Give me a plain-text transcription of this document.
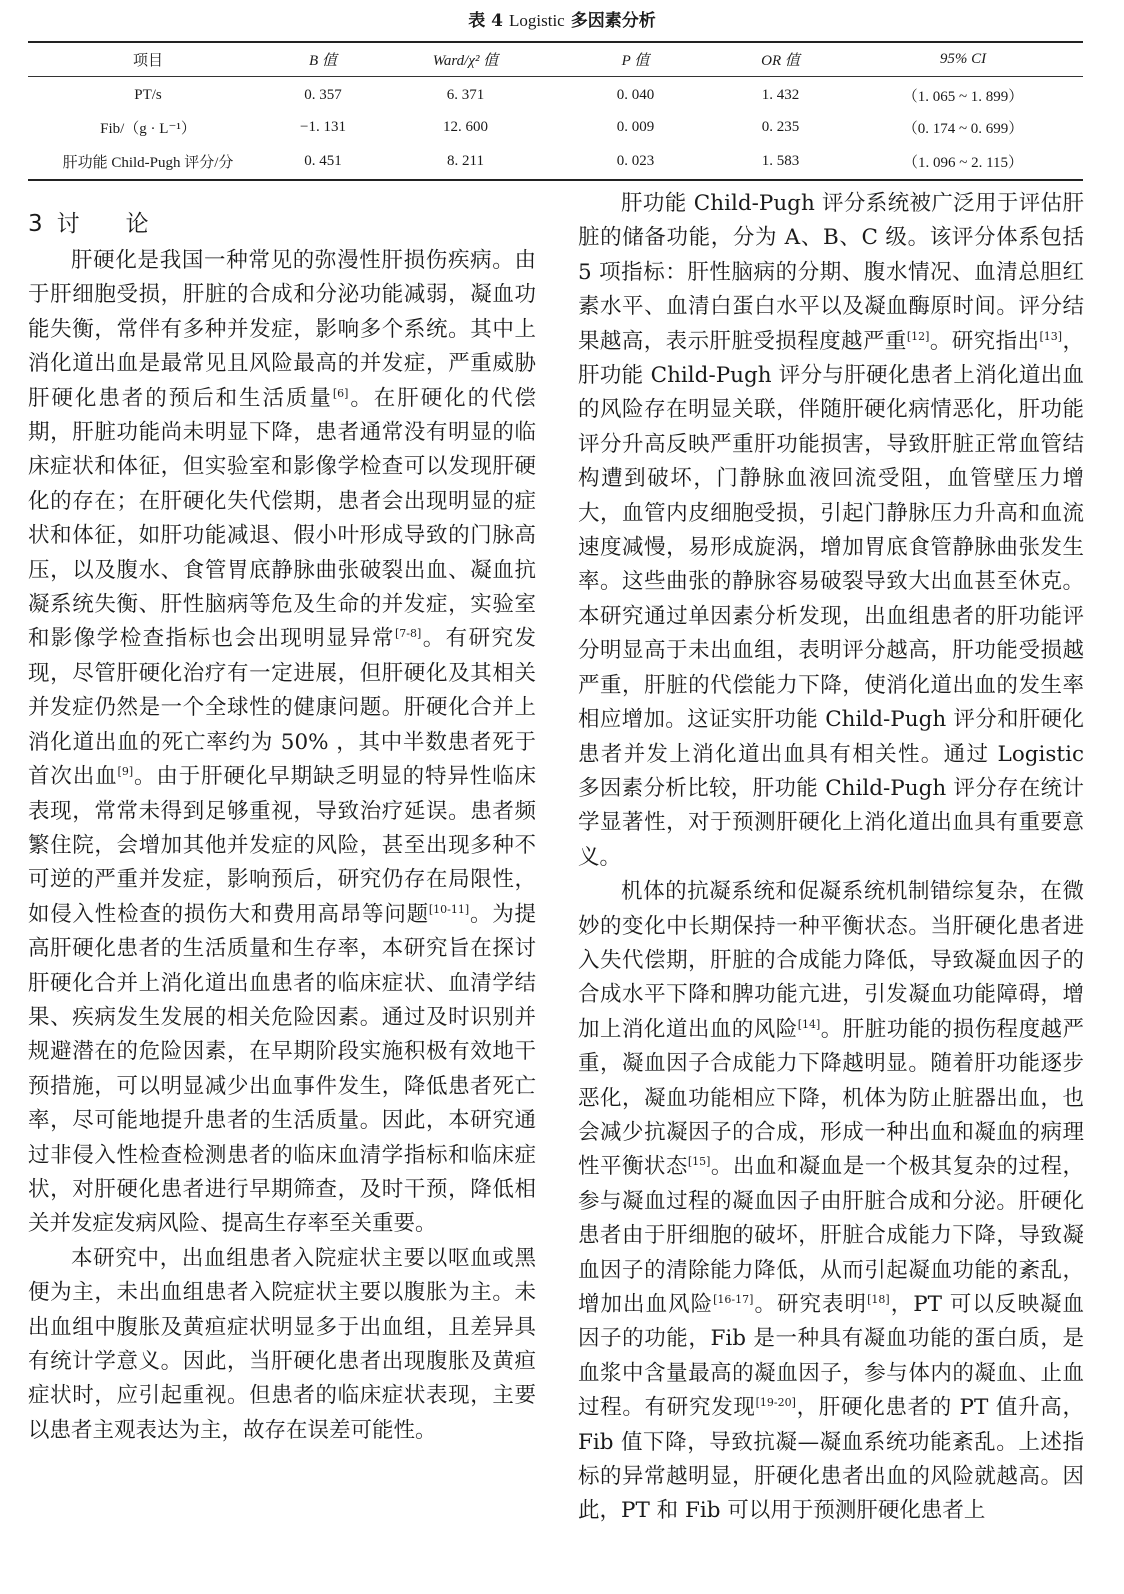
表 4 Logistic 多因素分析
项目	B 值	Ward/χ² 值	P 值	OR 值	95% CI
PT/s	0. 357	6. 371	0. 040	1. 432	（1. 065 ~ 1. 899）
Fib/（g · L⁻¹）	−1. 131	12. 600	0. 009	0. 235	（0. 174 ~ 0. 699）
肝功能 Child-Pugh 评分/分	0. 451	8. 211	0. 023	1. 583	（1. 096 ~ 2. 115）
3 讨 论

肝硬化是我国一种常见的弥漫性肝损伤疾病。由于肝细胞受损，肝脏的合成和分泌功能减弱，凝血功能失衡，常伴有多种并发症，影响多个系统。其中上消化道出血是最常见且风险最高的并发症，严重威胁肝硬化患者的预后和生活质量[6]。在肝硬化的代偿期，肝脏功能尚未明显下降，患者通常没有明显的临床症状和体征，但实验室和影像学检查可以发现肝硬化的存在；在肝硬化失代偿期，患者会出现明显的症状和体征，如肝功能减退、假小叶形成导致的门脉高压，以及腹水、食管胃底静脉曲张破裂出血、凝血抗凝系统失衡、肝性脑病等危及生命的并发症，实验室和影像学检查指标也会出现明显异常[7-8]。有研究发现，尽管肝硬化治疗有一定进展，但肝硬化及其相关并发症仍然是一个全球性的健康问题。肝硬化合并上消化道出血的死亡率约为 50% ，其中半数患者死于首次出血[9]。由于肝硬化早期缺乏明显的特异性临床表现，常常未得到足够重视，导致治疗延误。患者频繁住院，会增加其他并发症的风险，甚至出现多种不可逆的严重并发症，影响预后，研究仍存在局限性，如侵入性检查的损伤大和费用高昂等问题[10-11]。为提高肝硬化患者的生活质量和生存率，本研究旨在探讨肝硬化合并上消化道出血患者的临床症状、血清学结果、疾病发生发展的相关危险因素。通过及时识别并规避潜在的危险因素，在早期阶段实施积极有效地干预措施，可以明显减少出血事件发生，降低患者死亡率，尽可能地提升患者的生活质量。因此，本研究通过非侵入性检查检测患者的临床血清学指标和临床症状，对肝硬化患者进行早期筛查，及时干预，降低相关并发症发病风险、提高生存率至关重要。

本研究中，出血组患者入院症状主要以呕血或黑便为主，未出血组患者入院症状主要以腹胀为主。未出血组中腹胀及黄疸症状明显多于出血组，且差异具有统计学意义。因此，当肝硬化患者出现腹胀及黄疸症状时，应引起重视。但患者的临床症状表现，主要以患者主观表达为主，故存在误差可能性。

肝功能 Child-Pugh 评分系统被广泛用于评估肝脏的储备功能，分为 A、B、C 级。该评分体系包括 5 项指标：肝性脑病的分期、腹水情况、血清总胆红素水平、血清白蛋白水平以及凝血酶原时间。评分结果越高，表示肝脏受损程度越严重[12]。研究指出[13]，肝功能 Child-Pugh 评分与肝硬化患者上消化道出血的风险存在明显关联，伴随肝硬化病情恶化，肝功能评分升高反映严重肝功能损害，导致肝脏正常血管结构遭到破坏，门静脉血液回流受阻，血管壁压力增大，血管内皮细胞受损，引起门静脉压力升高和血流速度减慢，易形成旋涡，增加胃底食管静脉曲张发生率。这些曲张的静脉容易破裂导致大出血甚至休克。本研究通过单因素分析发现，出血组患者的肝功能评分明显高于未出血组，表明评分越高，肝功能受损越严重，肝脏的代偿能力下降，使消化道出血的发生率相应增加。这证实肝功能 Child-Pugh 评分和肝硬化患者并发上消化道出血具有相关性。通过 Logistic 多因素分析比较，肝功能 Child-Pugh 评分存在统计学显著性，对于预测肝硬化上消化道出血具有重要意义。

机体的抗凝系统和促凝系统机制错综复杂，在微妙的变化中长期保持一种平衡状态。当肝硬化患者进入失代偿期，肝脏的合成能力降低，导致凝血因子的合成水平下降和脾功能亢进，引发凝血功能障碍，增加上消化道出血的风险[14]。肝脏功能的损伤程度越严重，凝血因子合成能力下降越明显。随着肝功能逐步恶化，凝血功能相应下降，机体为防止脏器出血，也会减少抗凝因子的合成，形成一种出血和凝血的病理性平衡状态[15]。出血和凝血是一个极其复杂的过程，参与凝血过程的凝血因子由肝脏合成和分泌。肝硬化患者由于肝细胞的破坏，肝脏合成能力下降，导致凝血因子的清除能力降低，从而引起凝血功能的紊乱，增加出血风险[16-17]。研究表明[18]，PT 可以反映凝血因子的功能，Fib 是一种具有凝血功能的蛋白质，是血浆中含量最高的凝血因子，参与体内的凝血、止血过程。有研究发现[19-20]，肝硬化患者的 PT 值升高，Fib 值下降，导致抗凝—凝血系统功能紊乱。上述指标的异常越明显，肝硬化患者出血的风险就越高。因此，PT 和 Fib 可以用于预测肝硬化患者上
